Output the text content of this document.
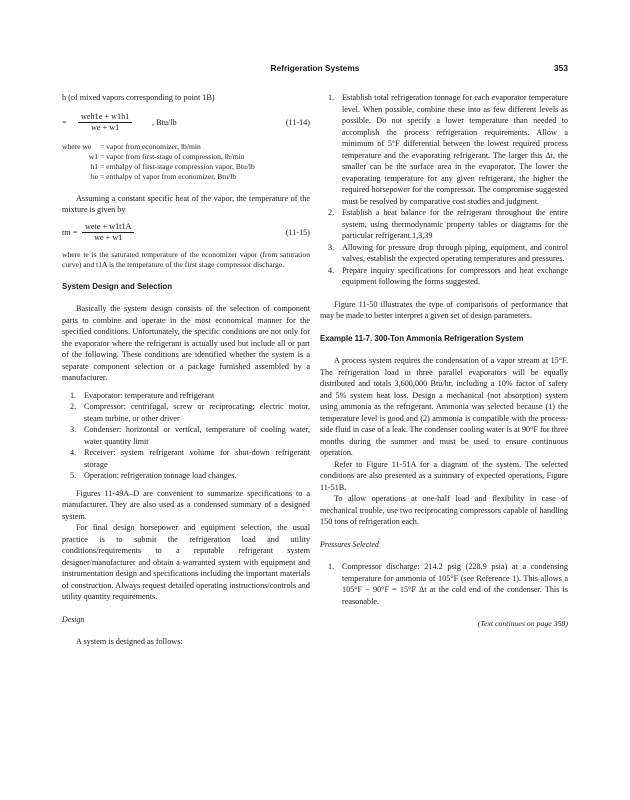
Refrigeration Systems	353

h (of mixed vapors corresponding to point 1B)

=
weh1e + w1h1
we + w1
, Btu/lb	(11-14)
where we	= vapor from economizer, lb/min
w1 = vapor from first-stage of compression, lb/min
h1 = enthalpy of first-stage compression vapor, Btu/lb
he = enthalpy of vapor from economizer, Btu/lb

Assuming a constant specific heat of the vapor, the temperature of the mixture is given by

tm =
wete + w1t1A
we + w1
(11-15)

where te is the saturated temperature of the economizer vapor (from saturation curve) and t1A is the temperature of the first stage compressor discharge.

System Design and Selection

Basically the system design consists of the selection of component parts to combine and operate in the most economical manner for the specified conditions. Unfortunately, the specific conditions are not only for the evaporator where the refrigerant is actually used but include all or part of the following. These conditions are identified whether the system is a separate component selection or a package furnished assembled by a manufacturer.

1. Evaporator: temperature and refrigerant
2. Compressor: centrifugal, screw or reciprocating; electric motor, steam turbine, or other driver
3. Condenser: horizontal or vertical, temperature of cooling water, water quantity limit
4. Receiver: system refrigerant volume for shut-down refrigerant storage
5. Operation: refrigeration tonnage load changes.

Figures 11-49A–D are convenient to summarize specifications to a manufacturer. They are also used as a condensed summary of a designed system.

For final design horsepower and equipment selection, the usual practice is to submit the refrigeration load and utility conditions/requirements to a reputable refrigerant system designer/manufacturer and obtain a warranted system with equipment and instrumentation design and specifications including the important materials of construction. Always request detailed operating instructions/controls and utility quantity requirements.

Design

A system is designed as follows:

1. Establish total refrigeration tonnage for each evaporator temperature level. When possible, combine these into as few different levels as possible. Do not specify a lower temperature than needed to accomplish the process refrigeration requirements. Allow a minimum of 5°F differential between the lowest required process temperature and the evaporating refrigerant. The larger this Δt, the smaller can be the surface area in the evaporator. The lower the evaporating temperature for any given refrigerant, the higher the required horsepower for the compressor. The compromise suggested must be resolved by comparative cost studies and judgment.
2. Establish a heat balance for the refrigerant throughout the entire system, using thermodynamic property tables or diagrams for the particular refrigerant.1,3,39
3. Allowing for pressure drop through piping, equipment, and control valves, establish the expected operating temperatures and pressures.
4. Prepare inquiry specifications for compressors and heat exchange equipment following the forms suggested.

Figure 11-50 illustrates the type of comparisons of performance that may be made to better interpret a given set of design parameters.

Example 11-7. 300-Ton Ammonia Refrigeration System

A process system requires the condensation of a vapor stream at 15°F. The refrigeration load in three parallel evaporators will be equally distributed and totals 3,600,000 Btu/hr, including a 10% factor of safety and 5% system heat loss. Design a mechanical (not absorption) system using ammonia as the refrigerant. Ammonia was selected because (1) the temperature level is good and (2) ammonia is compatible with the process-side fluid in case of a leak. The condenser cooling water is at 90°F for three months during the summer and must be used to ensure continuous operation.

Refer to Figure 11-51A for a diagram of the system. The selected conditions are also presented as a summary of expected operations, Figure 11-51B.

To allow operations at one-half load and flexibility in case of mechanical trouble, use two reciprocating compressors capable of handling 150 tons of refrigeration each.

Pressures Selected

1. Compressor discharge: 214.2 psig (228.9 psia) at a condensing temperature for ammonia of 105°F (see Reference 1). This allows a 105°F − 90°F = 15°F Δt at the cold end of the condenser. This is reasonable.

(Text continues on page 358)
